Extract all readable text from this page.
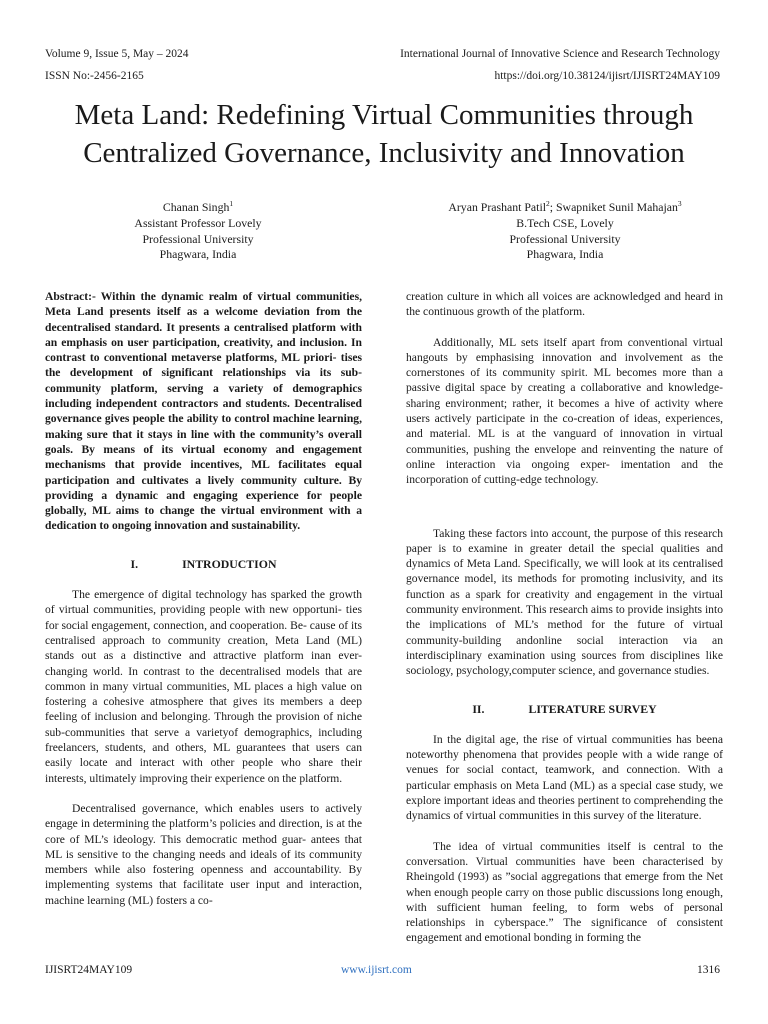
Volume 9, Issue 5, May – 2024	International Journal of Innovative Science and Research Technology
ISSN No:-2456-2165	https://doi.org/10.38124/ijisrt/IJISRT24MAY109
Meta Land: Redefining Virtual Communities through
Centralized Governance, Inclusivity and Innovation
Chanan Singh$^1$
Assistant Professor Lovely
Professional University
Phagwara, India
Aryan Prashant Patil$^2$; Swapniket Sunil Mahajan$^3$
B.Tech CSE, Lovely
Professional University
Phagwara, India

Abstract:- Within the dynamic realm of virtual communities, Meta Land presents itself as a welcome deviation from the decentralised standard. It presents a centralised platform with an emphasis on user participation, creativity, and inclusion. In contrast to conventional metaverse platforms, ML priori- tises the development of significant relationships via its sub-community platform, serving a variety of demographics including independent contractors and students. Decentralised governance gives people the ability to control machine learning, making sure that it stays in line with the community’s overall goals. By means of its virtual economy and engagement mechanisms that provide incentives, ML facilitates equal participation and cultivates a lively community culture. By providing a dynamic and engaging experience for people globally, ML aims to change the virtual environment with a dedication to ongoing innovation and sustainability.

I.	INTRODUCTION

The emergence of digital technology has sparked the growth of virtual communities, providing people with new opportuni- ties for social engagement, connection, and cooperation. Be- cause of its centralised approach to community creation, Meta Land (ML) stands out as a distinctive and attractive platform inan ever-changing world. In contrast to the decentralised models that are common in many virtual communities, ML places a high value on fostering a cohesive atmosphere that gives its members a deep feeling of inclusion and belonging. Through the provision of niche sub-communities that serve a varietyof demographics, including freelancers, students, and others, ML guarantees that users can easily locate and interact with other people who share their interests, ultimately improving their experience on the platform.

Decentralised governance, which enables users to actively engage in determining the platform’s policies and direction, is at the core of ML’s ideology. This democratic method guar- antees that ML is sensitive to the changing needs and ideals of its community members while also fostering openness and accountability. By implementing systems that facilitate user input and interaction, machine learning (ML) fosters a co-

creation culture in which all voices are acknowledged and heard in the continuous growth of the platform.

Additionally, ML sets itself apart from conventional virtual hangouts by emphasising innovation and involvement as the cornerstones of its community spirit. ML becomes more than a passive digital space by creating a collaborative and knowledge-sharing environment; rather, it becomes a hive of activity where users actively participate in the co-creation of ideas, experiences, and material. ML is at the vanguard of innovation in virtual communities, pushing the envelope and reinventing the nature of online interaction via ongoing exper- imentation and the incorporation of cutting-edge technology.

Taking these factors into account, the purpose of this research paper is to examine in greater detail the special qualities and dynamics of Meta Land. Specifically, we will look at its centralised governance model, its methods for promoting inclusivity, and its function as a spark for creativity and engagement in the virtual community environment. This research aims to provide insights into the implications of ML’s method for the future of virtual community-building andonline social interaction via an interdisciplinary examination using sources from disciplines like sociology, psychology,computer science, and governance studies.

II.	LITERATURE SURVEY

In the digital age, the rise of virtual communities has beena noteworthy phenomena that provides people with a wide range of venues for social contact, teamwork, and connection. With a particular emphasis on Meta Land (ML) as a special case study, we explore important ideas and theories pertinent to comprehending the dynamics of virtual communities in this survey of the literature.

The idea of virtual communities itself is central to the conversation. Virtual communities have been characterised by Rheingold (1993) as ”social aggregations that emerge from the Net when enough people carry on those public discussions long enough, with sufficient human feeling, to form webs of personal relationships in cyberspace.” The significance of consistent engagement and emotional bonding in forming the

IJISRT24MAY109	www.ijisrt.com	1316
